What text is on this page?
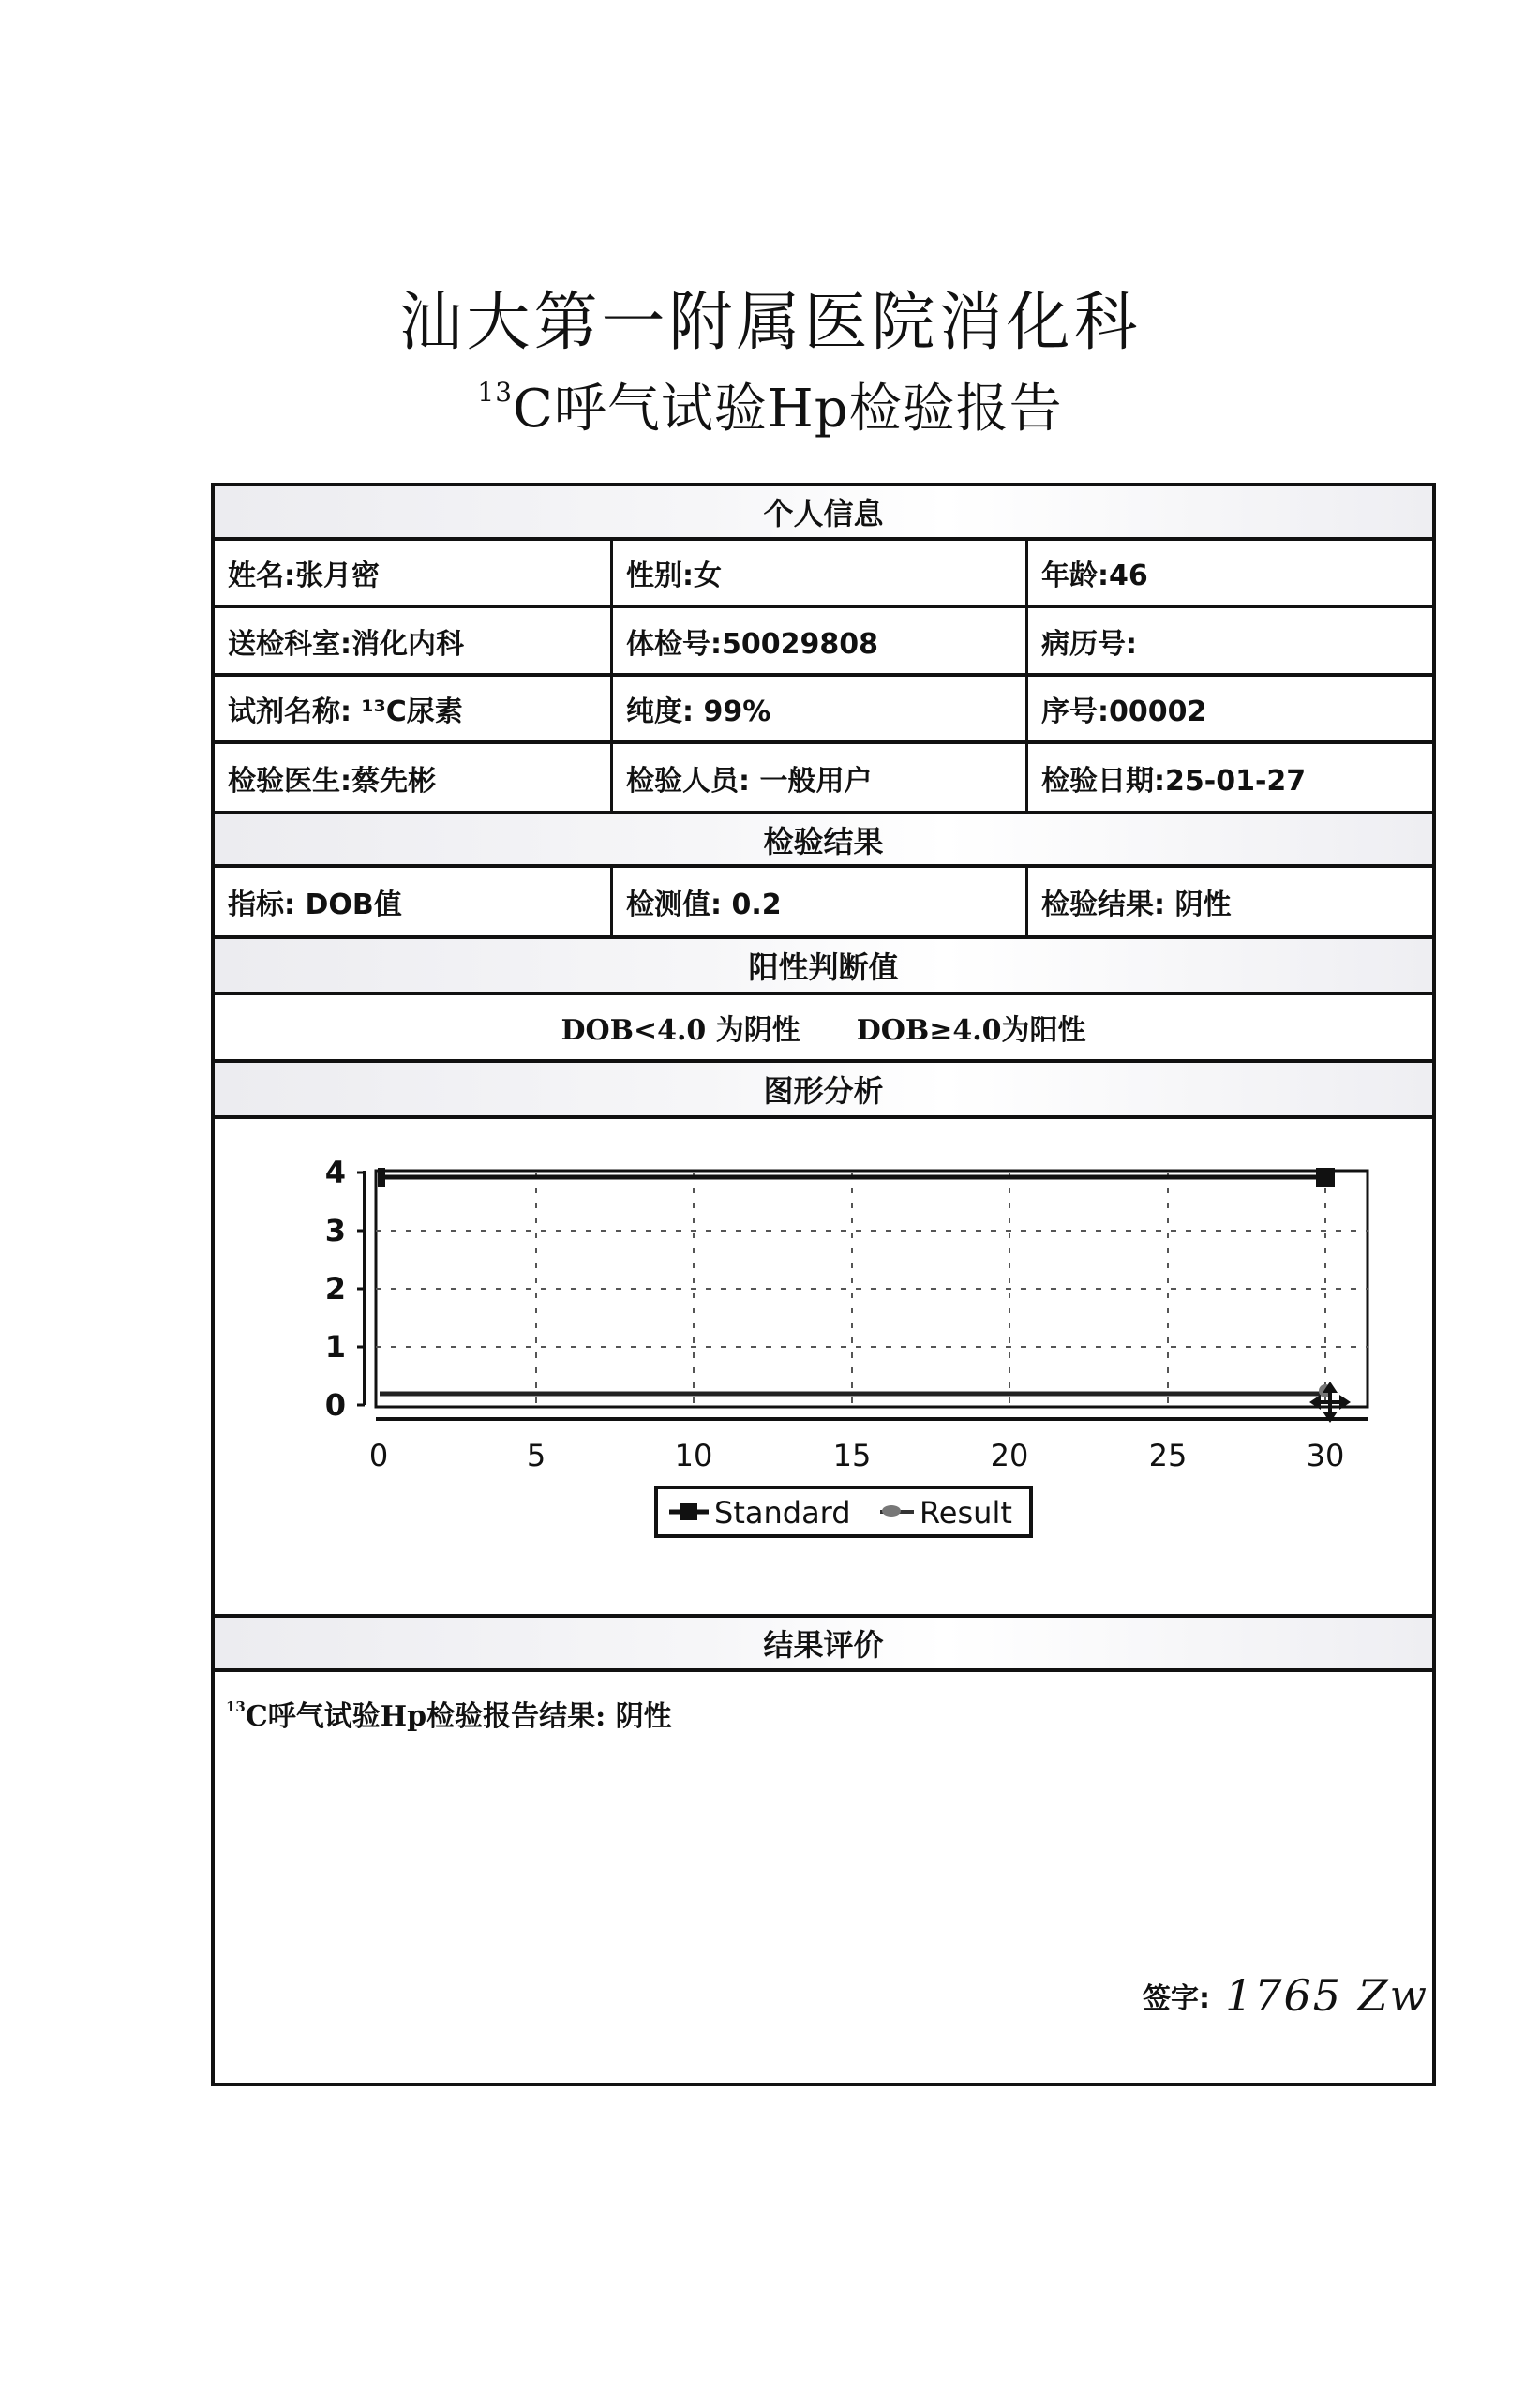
汕大第一附属医院消化科
$^{13}$C呼气试验Hp检验报告
个人信息
姓名:张月密	性别:女	年龄:46
送检科室:消化内科	体检号:50029808	病历号:
试剂名称: ¹³C尿素	纯度: 99%	序号:00002
检验医生:蔡先彬	检验人员: 一般用户	检验日期:25-01-27
检验结果
指标: DOB值	检测值: 0.2	检验结果: 阴性
阳性判断值
DOB<4.0 为阴性 DOB≥4.0为阳性
图形分析
4
3
2
1
0
0	5	10	15	20	25	30
Standard Result
结果评价
$^{13}$C呼气试验Hp检验报告结果: 阴性
签字: 1765 Zw
